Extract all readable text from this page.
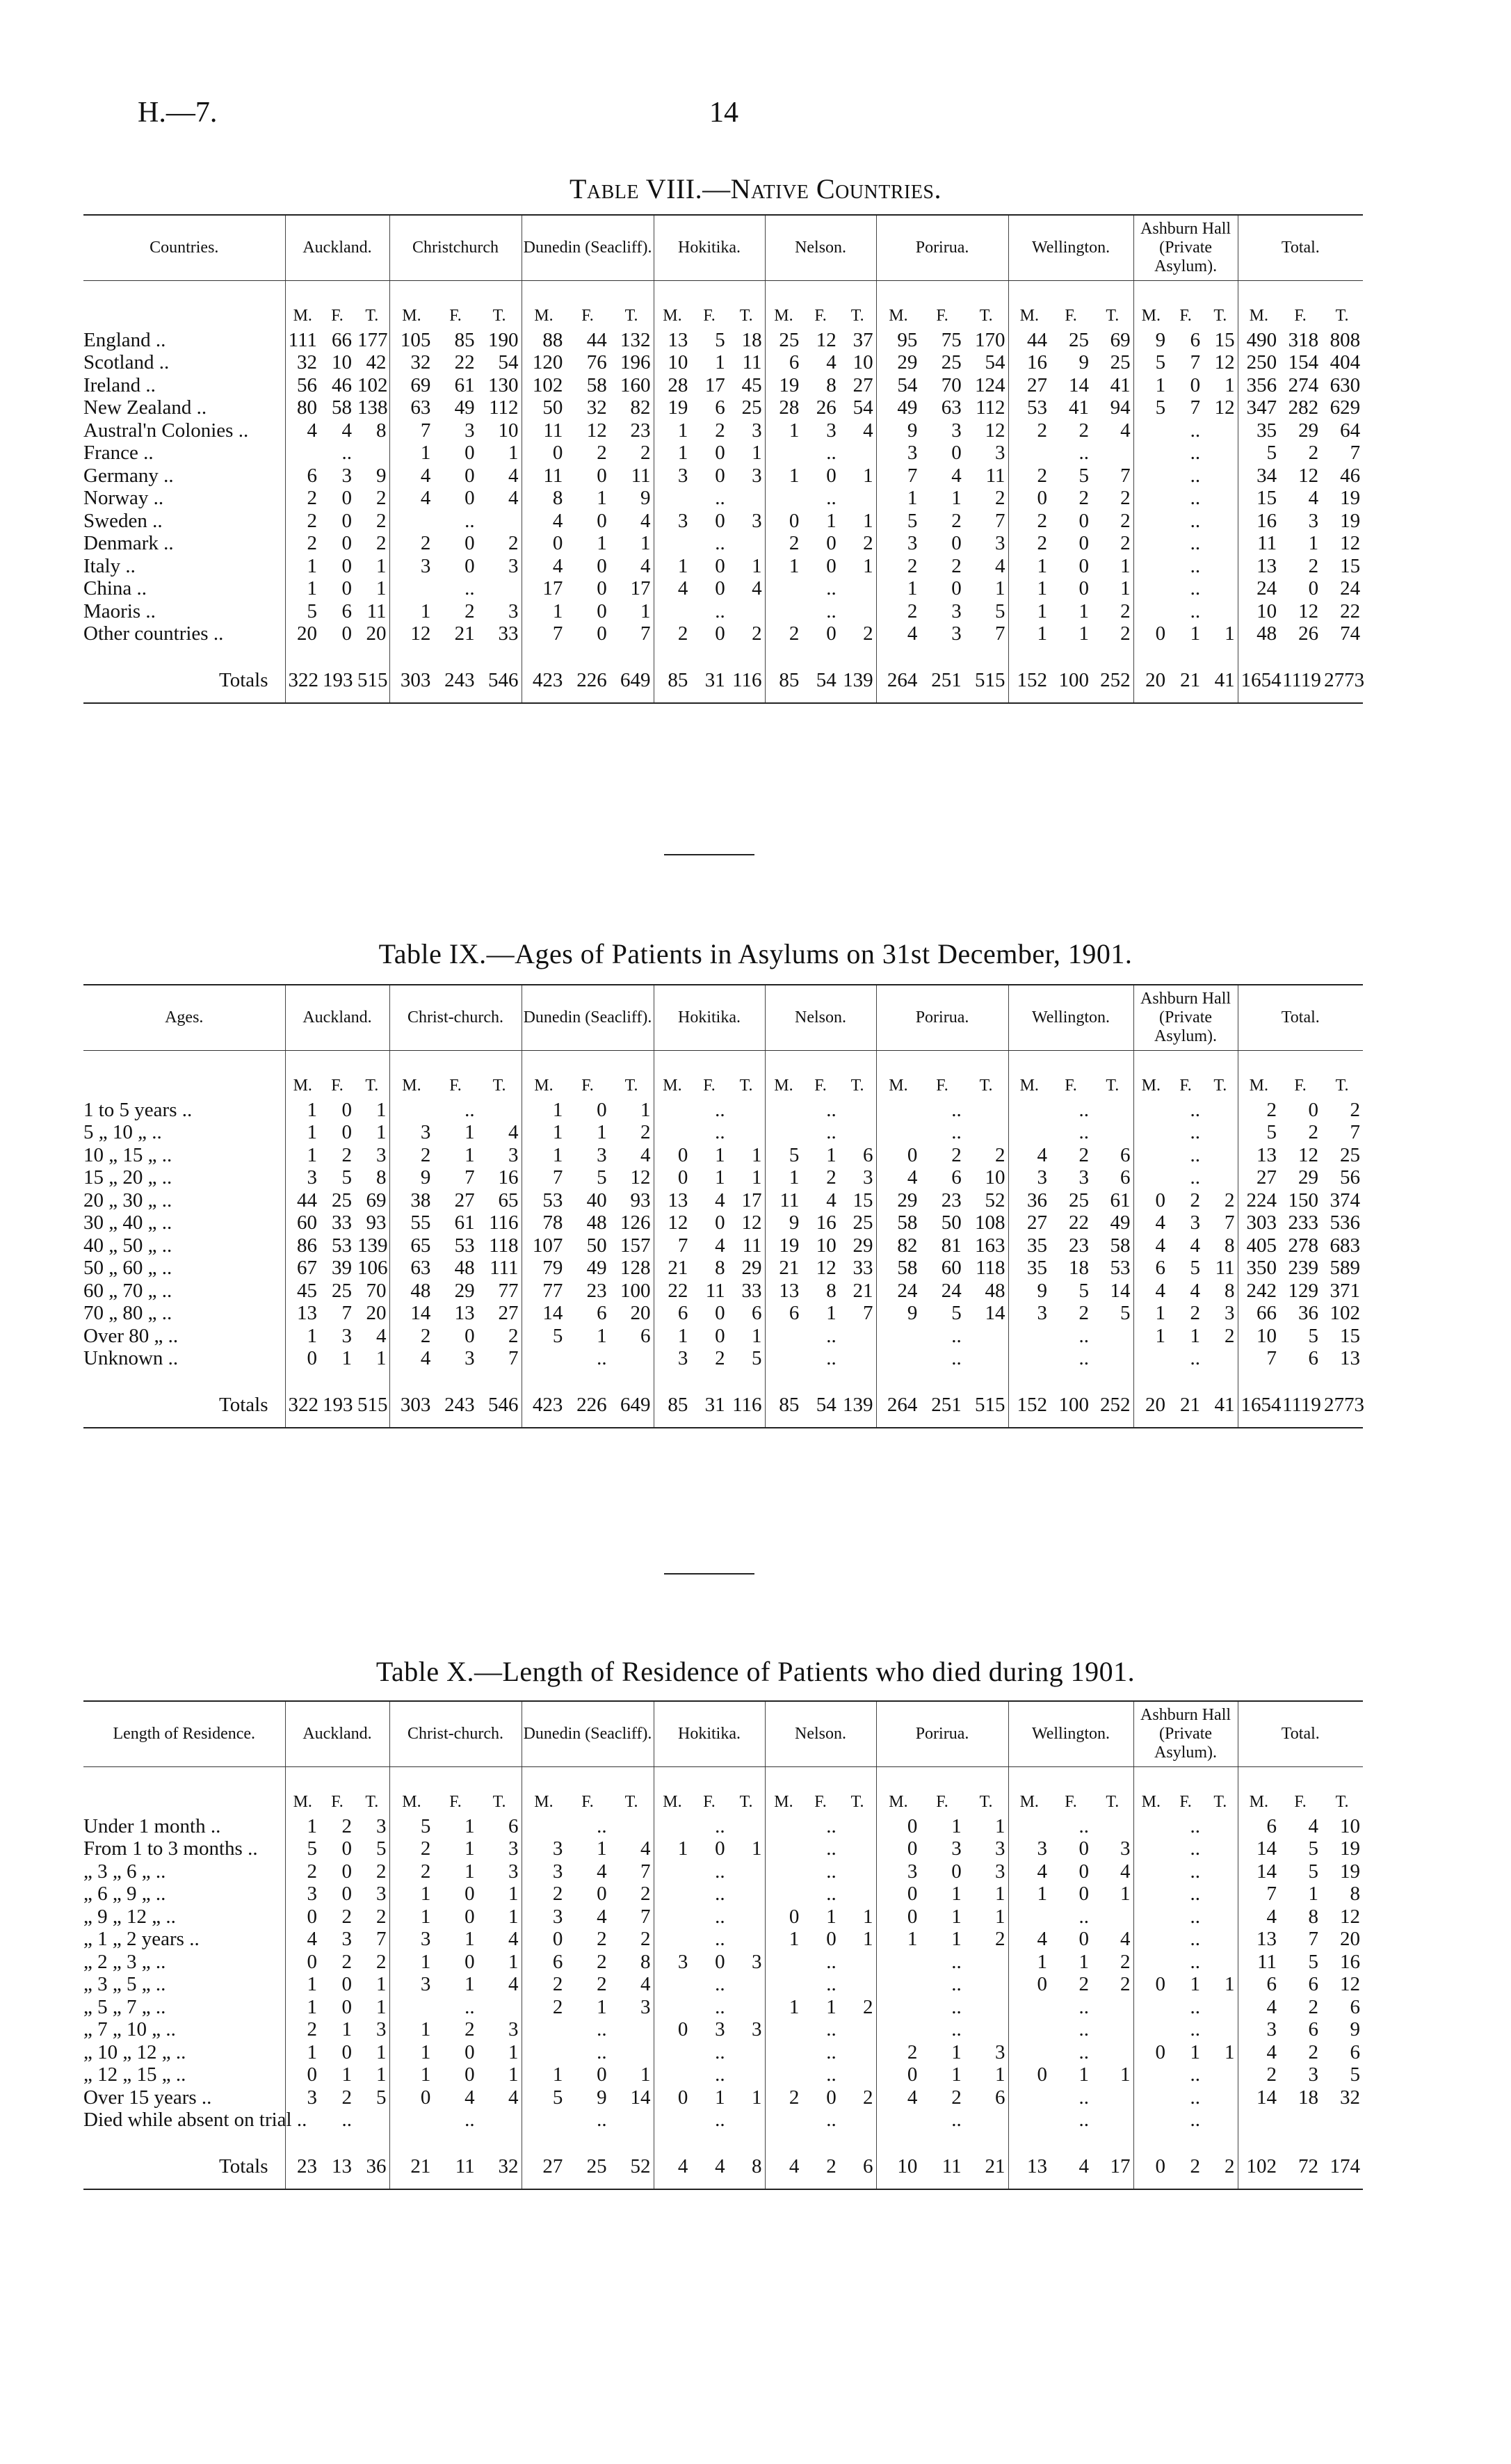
H.—7.	14
Table VIII.—Native Countries.
Countries.	Auckland.			Christchurch			Dunedin (Seacliff).			Hokitika.			Nelson.			Porirua.			Wellington.			Ashburn Hall (Private Asylum).			Total.		
	M.	F.	T.	M.	F.	T.	M.	F.	T.	M.	F.	T.	M.	F.	T.	M.	F.	T.	M.	F.	T.	M.	F.	T.	M.	F.	T.
England ..	111	66	177	105	85	190	88	44	132	13	5	18	25	12	37	95	75	170	44	25	69	9	6	15	490	318	808
Scotland ..	32	10	42	32	22	54	120	76	196	10	1	11	6	4	10	29	25	54	16	9	25	5	7	12	250	154	404
Ireland ..	56	46	102	69	61	130	102	58	160	28	17	45	19	8	27	54	70	124	27	14	41	1	0	1	356	274	630
New Zealand ..	80	58	138	63	49	112	50	32	82	19	6	25	28	26	54	49	63	112	53	41	94	5	7	12	347	282	629
Austral'n Colonies ..	4	4	8	7	3	10	11	12	23	1	2	3	1	3	4	9	3	12	2	2	4		..		35	29	64
France ..		..		1	0	1	0	2	2	1	0	1		..		3	0	3		..			..		5	2	7
Germany ..	6	3	9	4	0	4	11	0	11	3	0	3	1	0	1	7	4	11	2	5	7		..		34	12	46
Norway ..	2	0	2	4	0	4	8	1	9		..			..		1	1	2	0	2	2		..		15	4	19
Sweden ..	2	0	2		..		4	0	4	3	0	3	0	1	1	5	2	7	2	0	2		..		16	3	19
Denmark ..	2	0	2	2	0	2	0	1	1		..		2	0	2	3	0	3	2	0	2		..		11	1	12
Italy ..	1	0	1	3	0	3	4	0	4	1	0	1	1	0	1	2	2	4	1	0	1		..		13	2	15
China ..	1	0	1		..		17	0	17	4	0	4		..		1	0	1	1	0	1		..		24	0	24
Maoris ..	5	6	11	1	2	3	1	0	1		..			..		2	3	5	1	1	2		..		10	12	22
Other countries ..	20	0	20	12	21	33	7	0	7	2	0	2	2	0	2	4	3	7	1	1	2	0	1	1	48	26	74
Totals	322	193	515	303	243	546	423	226	649	85	31	116	85	54	139	264	251	515	152	100	252	20	21	41	1654	1119	2773
Table IX.—Ages of Patients in Asylums on 31st December, 1901.
Ages.	Auckland.			Christ-church.			Dunedin (Seacliff).			Hokitika.			Nelson.			Porirua.			Wellington.			Ashburn Hall (Private Asylum).			Total.		
	M.	F.	T.	M.	F.	T.	M.	F.	T.	M.	F.	T.	M.	F.	T.	M.	F.	T.	M.	F.	T.	M.	F.	T.	M.	F.	T.
1 to 5 years ..	1	0	1		..		1	0	1		..			..			..			..			..		2	0	2
5 „ 10 „ ..	1	0	1	3	1	4	1	1	2		..			..			..			..			..		5	2	7
10 „ 15 „ ..	1	2	3	2	1	3	1	3	4	0	1	1	5	1	6	0	2	2	4	2	6		..		13	12	25
15 „ 20 „ ..	3	5	8	9	7	16	7	5	12	0	1	1	1	2	3	4	6	10	3	3	6		..		27	29	56
20 „ 30 „ ..	44	25	69	38	27	65	53	40	93	13	4	17	11	4	15	29	23	52	36	25	61	0	2	2	224	150	374
30 „ 40 „ ..	60	33	93	55	61	116	78	48	126	12	0	12	9	16	25	58	50	108	27	22	49	4	3	7	303	233	536
40 „ 50 „ ..	86	53	139	65	53	118	107	50	157	7	4	11	19	10	29	82	81	163	35	23	58	4	4	8	405	278	683
50 „ 60 „ ..	67	39	106	63	48	111	79	49	128	21	8	29	21	12	33	58	60	118	35	18	53	6	5	11	350	239	589
60 „ 70 „ ..	45	25	70	48	29	77	77	23	100	22	11	33	13	8	21	24	24	48	9	5	14	4	4	8	242	129	371
70 „ 80 „ ..	13	7	20	14	13	27	14	6	20	6	0	6	6	1	7	9	5	14	3	2	5	1	2	3	66	36	102
Over 80 „ ..	1	3	4	2	0	2	5	1	6	1	0	1		..			..			..		1	1	2	10	5	15
Unknown ..	0	1	1	4	3	7		..		3	2	5		..			..			..			..		7	6	13
Totals	322	193	515	303	243	546	423	226	649	85	31	116	85	54	139	264	251	515	152	100	252	20	21	41	1654	1119	2773
Table X.—Length of Residence of Patients who died during 1901.
Length of Residence.	Auckland.			Christ-church.			Dunedin (Seacliff).			Hokitika.			Nelson.			Porirua.			Wellington.			Ashburn Hall (Private Asylum).			Total.		
	M.	F.	T.	M.	F.	T.	M.	F.	T.	M.	F.	T.	M.	F.	T.	M.	F.	T.	M.	F.	T.	M.	F.	T.	M.	F.	T.
Under 1 month ..	1	2	3	5	1	6		..			..			..		0	1	1		..			..		6	4	10
From 1 to 3 months ..	5	0	5	2	1	3	3	1	4	1	0	1		..		0	3	3	3	0	3		..		14	5	19
„ 3 „ 6 „ ..	2	0	2	2	1	3	3	4	7		..			..		3	0	3	4	0	4		..		14	5	19
„ 6 „ 9 „ ..	3	0	3	1	0	1	2	0	2		..			..		0	1	1	1	0	1		..		7	1	8
„ 9 „ 12 „ ..	0	2	2	1	0	1	3	4	7		..		0	1	1	0	1	1		..			..		4	8	12
„ 1 „ 2 years ..	4	3	7	3	1	4	0	2	2		..		1	0	1	1	1	2	4	0	4		..		13	7	20
„ 2 „ 3 „ ..	0	2	2	1	0	1	6	2	8	3	0	3		..			..		1	1	2		..		11	5	16
„ 3 „ 5 „ ..	1	0	1	3	1	4	2	2	4		..			..			..		0	2	2	0	1	1	6	6	12
„ 5 „ 7 „ ..	1	0	1		..		2	1	3		..		1	1	2		..			..			..		4	2	6
„ 7 „ 10 „ ..	2	1	3	1	2	3		..		0	3	3		..			..			..			..		3	6	9
„ 10 „ 12 „ ..	1	0	1	1	0	1		..			..			..		2	1	3		..		0	1	1	4	2	6
„ 12 „ 15 „ ..	0	1	1	1	0	1	1	0	1		..			..		0	1	1	0	1	1		..		2	3	5
Over 15 years ..	3	2	5	0	4	4	5	9	14	0	1	1	2	0	2	4	2	6		..			..		14	18	32
Died while absent on trial ..		..			..			..			..			..			..			..			..				
Totals	23	13	36	21	11	32	27	25	52	4	4	8	4	2	6	10	11	21	13	4	17	0	2	2	102	72	174
